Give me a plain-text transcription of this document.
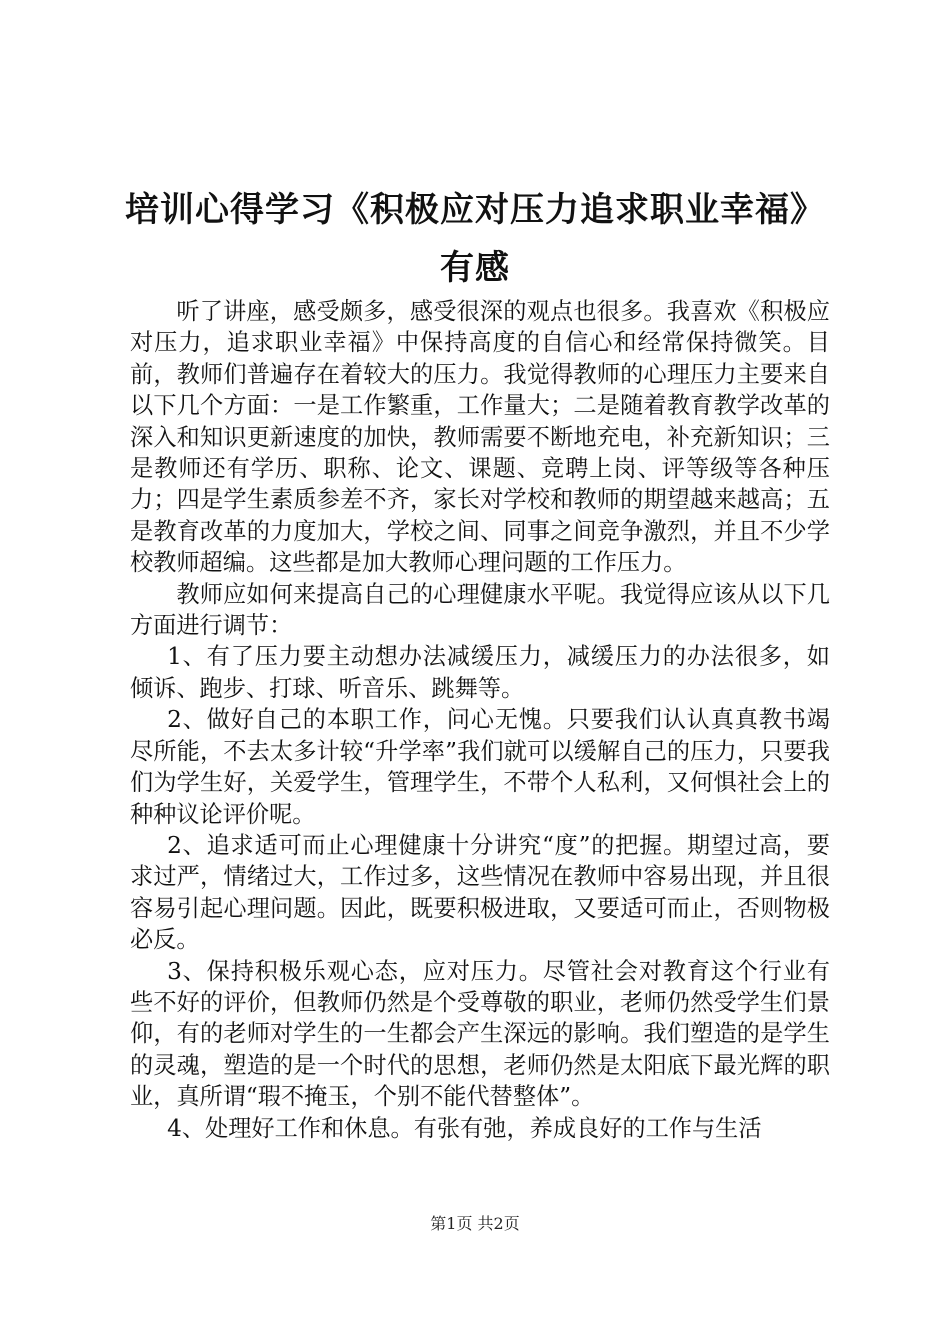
培训心得学习《积极应对压力追求职业幸福》
有感

听了讲座，感受颇多，感受很深的观点也很多。我喜欢《积极应对压力，追求职业幸福》中保持高度的自信心和经常保持微笑。目前，教师们普遍存在着较大的压力。我觉得教师的心理压力主要来自以下几个方面：一是工作繁重，工作量大；二是随着教育教学改革的深入和知识更新速度的加快，教师需要不断地充电，补充新知识；三是教师还有学历、职称、论文、课题、竞聘上岗、评等级等各种压力；四是学生素质参差不齐，家长对学校和教师的期望越来越高；五是教育改革的力度加大，学校之间、同事之间竞争激烈，并且不少学校教师超编。这些都是加大教师心理问题的工作压力。

教师应如何来提高自己的心理健康水平呢。我觉得应该从以下几方面进行调节：

1、有了压力要主动想办法减缓压力，减缓压力的办法很多，如倾诉、跑步、打球、听音乐、跳舞等。

2、做好自己的本职工作，问心无愧。只要我们认认真真教书竭尽所能，不去太多计较“升学率”我们就可以缓解自己的压力，只要我们为学生好，关爱学生，管理学生，不带个人私利，又何惧社会上的种种议论评价呢。

2、追求适可而止心理健康十分讲究“度”的把握。期望过高，要求过严，情绪过大，工作过多，这些情况在教师中容易出现，并且很容易引起心理问题。因此，既要积极进取，又要适可而止，否则物极必反。

3、保持积极乐观心态，应对压力。尽管社会对教育这个行业有些不好的评价，但教师仍然是个受尊敬的职业，老师仍然受学生们景仰，有的老师对学生的一生都会产生深远的影响。我们塑造的是学生的灵魂，塑造的是一个时代的思想，老师仍然是太阳底下最光辉的职业，真所谓“瑕不掩玉，个别不能代替整体”。

4、处理好工作和休息。有张有弛，养成良好的工作与生活

第1页 共2页
